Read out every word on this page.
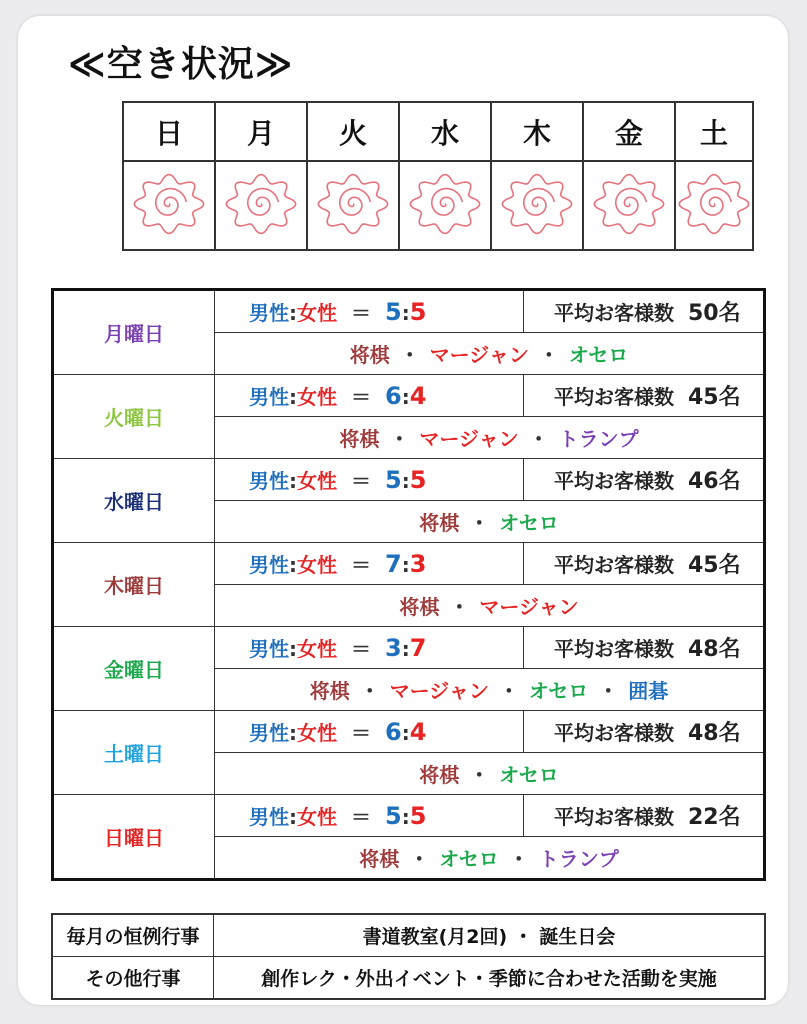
≪空き状況≫
日	月	火	水	木	金	土

月曜日	男性:女性 ＝ 5:5	平均お客様数 50名
	将棋 ・ マージャン ・ オセロ	
火曜日	男性:女性 ＝ 6:4	平均お客様数 45名
	将棋 ・ マージャン ・ トランプ	
水曜日	男性:女性 ＝ 5:5	平均お客様数 46名
	将棋 ・ オセロ	
木曜日	男性:女性 ＝ 7:3	平均お客様数 45名
	将棋 ・ マージャン	
金曜日	男性:女性 ＝ 3:7	平均お客様数 48名
	将棋 ・ マージャン ・ オセロ ・ 囲碁	
土曜日	男性:女性 ＝ 6:4	平均お客様数 48名
	将棋 ・ オセロ	
日曜日	男性:女性 ＝ 5:5	平均お客様数 22名
	将棋 ・ オセロ ・ トランプ	
毎月の恒例行事	書道教室(月2回) ・ 誕生日会
その他行事	創作レク・外出イベント・季節に合わせた活動を実施
